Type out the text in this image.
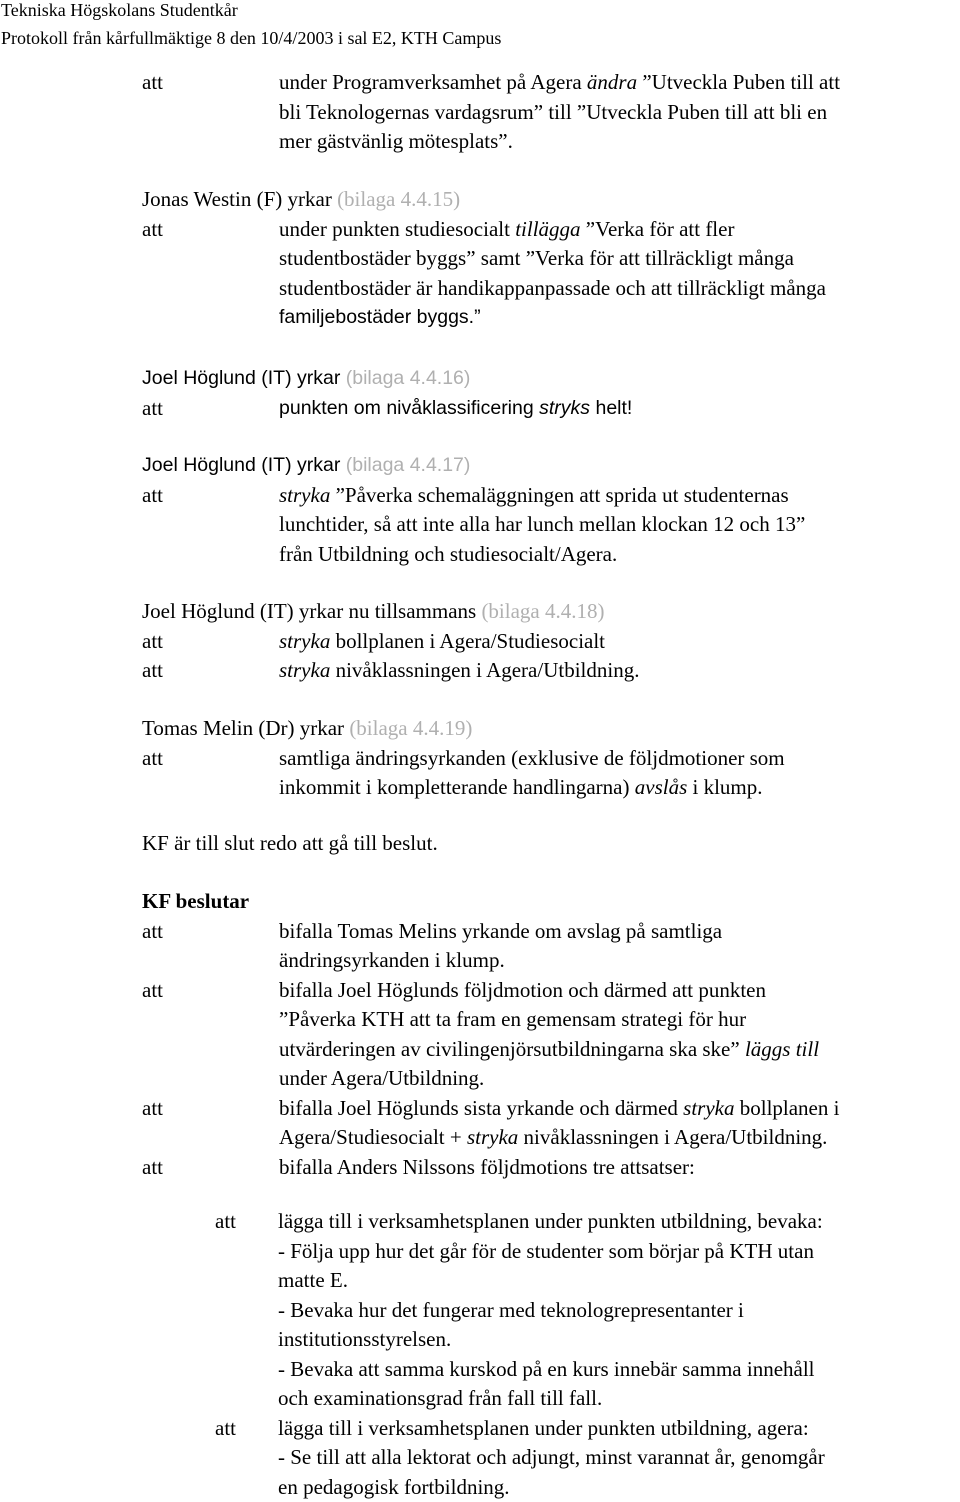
Tekniska Högskolans Studentkår
Protokoll från kårfullmäktige 8 den 10/4/2003 i sal E2, KTH Campus
att	under Programverksamhet på Agera ändra ”Utveckla Puben till att
bli Teknologernas vardagsrum” till ”Utveckla Puben till att bli en
mer gästvänlig mötesplats”.
Jonas Westin (F) yrkar (bilaga 4.4.15)
att	under punkten studiesocialt tillägga ”Verka för att fler
studentbostäder byggs” samt ”Verka för att tillräckligt många
studentbostäder är handikappanpassade och att tillräckligt många
familjebostäder byggs.”
Joel Höglund (IT) yrkar (bilaga 4.4.16)
att	punkten om nivåklassificering stryks helt!
Joel Höglund (IT) yrkar (bilaga 4.4.17)
att	stryka ”Påverka schemaläggningen att sprida ut studenternas
lunchtider, så att inte alla har lunch mellan klockan 12 och 13”
från Utbildning och studiesocialt/Agera.
Joel Höglund (IT) yrkar nu tillsammans (bilaga 4.4.18)
att	stryka bollplanen i Agera/Studiesocialt
att	stryka nivåklassningen i Agera/Utbildning.
Tomas Melin (Dr) yrkar (bilaga 4.4.19)
att	samtliga ändringsyrkanden (exklusive de följdmotioner som
inkommit i kompletterande handlingarna) avslås i klump.
KF är till slut redo att gå till beslut.
KF beslutar
att	bifalla Tomas Melins yrkande om avslag på samtliga
ändringsyrkanden i klump.
att	bifalla Joel Höglunds följdmotion och därmed att punkten
”Påverka KTH att ta fram en gemensam strategi för hur
utvärderingen av civilingenjörsutbildningarna ska ske” läggs till
under Agera/Utbildning.
att	bifalla Joel Höglunds sista yrkande och därmed stryka bollplanen i
Agera/Studiesocialt + stryka nivåklassningen i Agera/Utbildning.
att	bifalla Anders Nilssons följdmotions tre attsatser:
att	lägga till i verksamhetsplanen under punkten utbildning, bevaka:
- Följa upp hur det går för de studenter som börjar på KTH utan
matte E.
- Bevaka hur det fungerar med teknologrepresentanter i
institutionsstyrelsen.
- Bevaka att samma kurskod på en kurs innebär samma innehåll
och examinationsgrad från fall till fall.
att	lägga till i verksamhetsplanen under punkten utbildning, agera:
- Se till att alla lektorat och adjungt, minst varannat år, genomgår
en pedagogisk fortbildning.
